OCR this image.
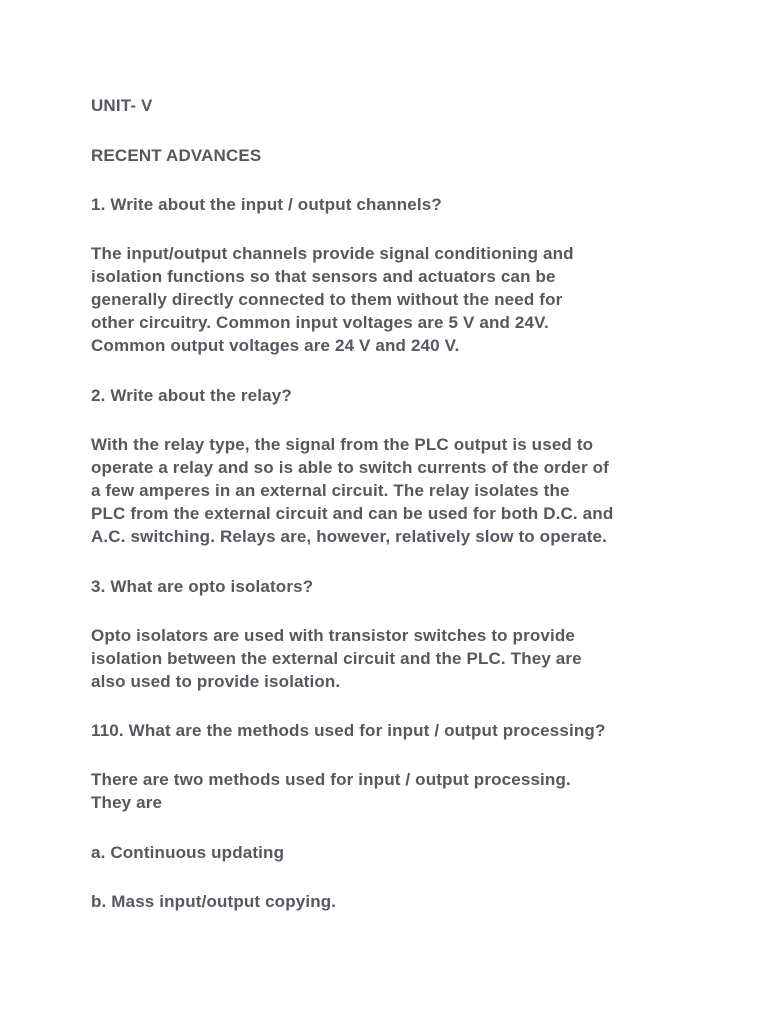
UNIT- V

RECENT ADVANCES

1. Write about the input / output channels?

The input/output channels provide signal conditioning and

isolation functions so that sensors and actuators can be

generally directly connected to them without the need for

other circuitry. Common input voltages are 5 V and 24V.

Common output voltages are 24 V and 240 V.

2. Write about the relay?

With the relay type, the signal from the PLC output is used to

operate a relay and so is able to switch currents of the order of

a few amperes in an external circuit. The relay isolates the

PLC from the external circuit and can be used for both D.C. and

A.C. switching. Relays are, however, relatively slow to operate.

3. What are opto isolators?

Opto isolators are used with transistor switches to provide

isolation between the external circuit and the PLC. They are

also used to provide isolation.

110. What are the methods used for input / output processing?

There are two methods used for input / output processing.

They are

a. Continuous updating

b. Mass input/output copying.
